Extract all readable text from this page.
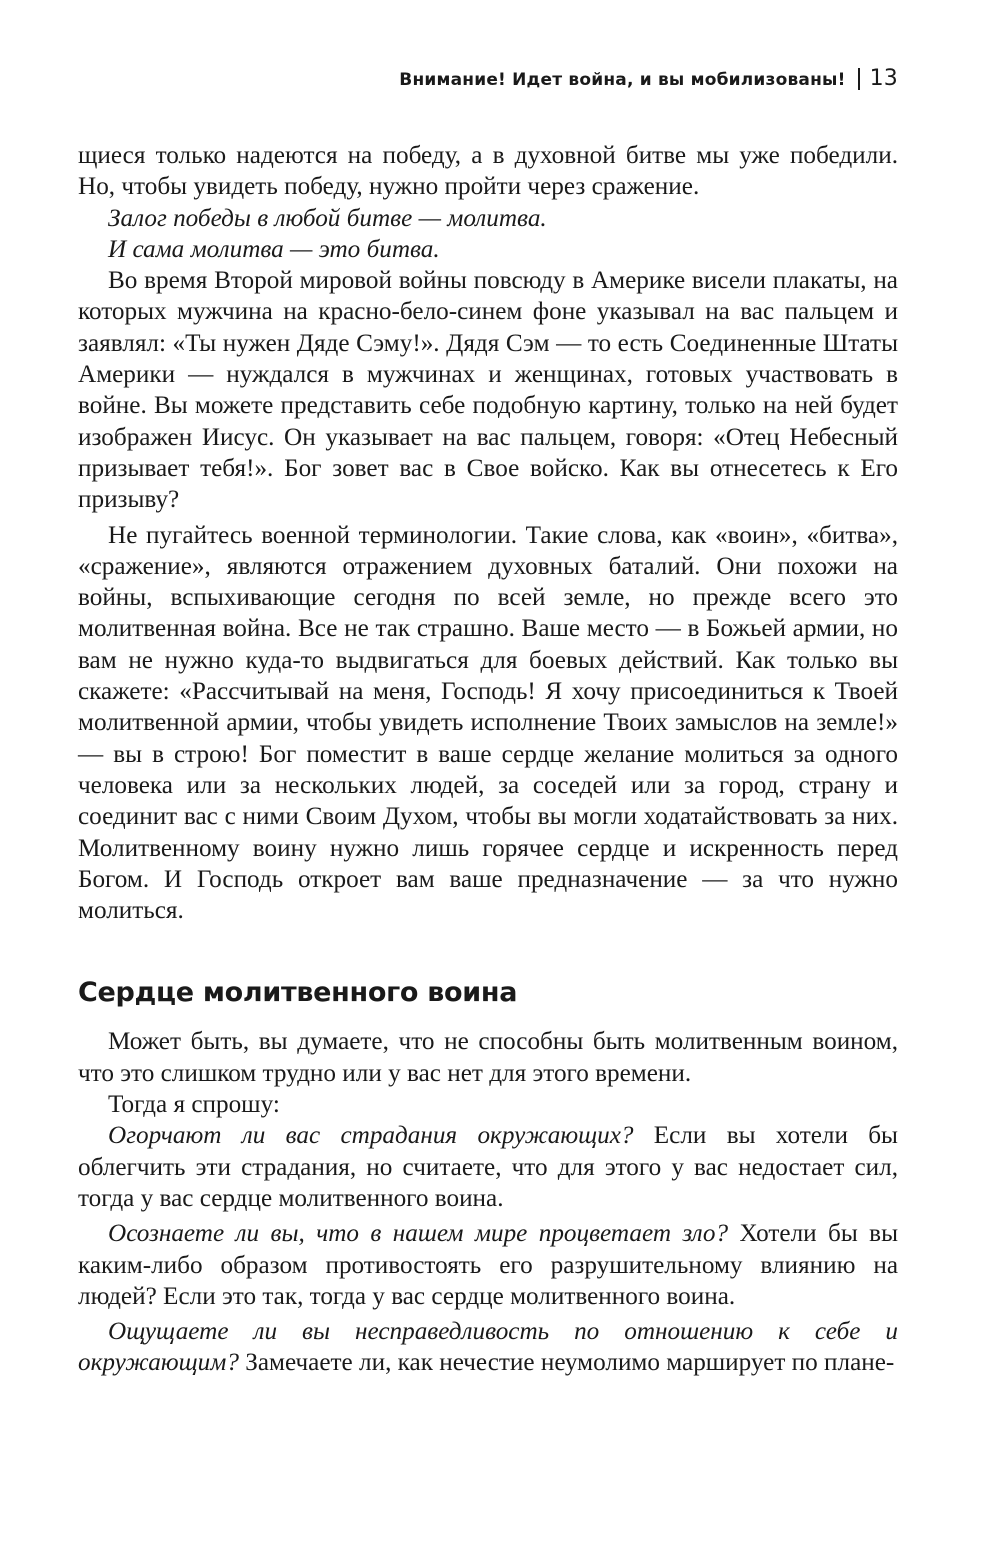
Внимание! Идет война, и вы мобилизованы!	13

щиеся только надеются на победу, а в духовной битве мы уже победили. Но, чтобы увидеть победу, нужно пройти через сражение.

Залог победы в любой битве — молитва.

И сама молитва — это битва.

Во время Второй мировой войны повсюду в Америке висели плакаты, на которых мужчина на красно-бело-синем фоне указывал на вас пальцем и заявлял: «Ты нужен Дяде Сэму!». Дядя Сэм — то есть Соединенные Штаты Америки — нуждался в мужчинах и женщинах, готовых участвовать в войне. Вы можете представить себе подобную картину, только на ней будет изображен Иисус. Он указывает на вас пальцем, говоря: «Отец Небесный призывает тебя!». Бог зовет вас в Свое войско. Как вы отнесетесь к Его призыву?

Не пугайтесь военной терминологии. Такие слова, как «воин», «битва», «сражение», являются отражением духовных баталий. Они похожи на войны, вспыхивающие сегодня по всей земле, но прежде всего это молитвенная война. Все не так страшно. Ваше место — в Божьей армии, но вам не нужно куда-то выдвигаться для боевых действий. Как только вы скажете: «Рассчитывай на меня, Господь! Я хочу присоединиться к Твоей молитвенной армии, чтобы увидеть исполнение Твоих замыслов на земле!» — вы в строю! Бог поместит в ваше сердце желание молиться за одного человека или за нескольких людей, за соседей или за город, страну и соединит вас с ними Своим Духом, чтобы вы могли ходатайствовать за них. Молитвенному воину нужно лишь горячее сердце и искренность перед Богом. И Господь откроет вам ваше предназначение — за что нужно молиться.

Сердце молитвенного воина

Может быть, вы думаете, что не способны быть молитвенным воином, что это слишком трудно или у вас нет для этого времени.

Тогда я спрошу:

Огорчают ли вас страдания окружающих? Если вы хотели бы облегчить эти страдания, но считаете, что для этого у вас недостает сил, тогда у вас сердце молитвенного воина.

Осознаете ли вы, что в нашем мире процветает зло? Хотели бы вы каким-либо образом противостоять его разрушительному влиянию на людей? Если это так, тогда у вас сердце молитвенного воина.

Ощущаете ли вы несправедливость по отношению к себе и окружающим? Замечаете ли, как нечестие неумолимо марширует по плане-
